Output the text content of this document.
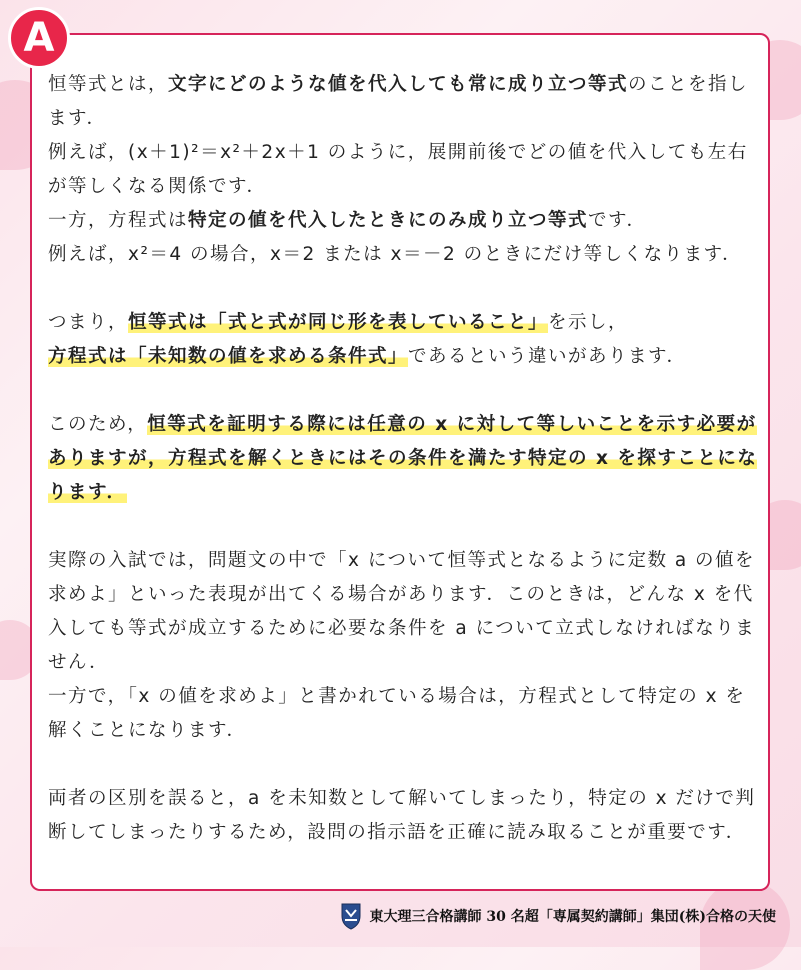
A

恒等式とは，文字にどのような値を代入しても常に成り立つ等式のことを指します．

例えば，(x＋1)²＝x²＋2x＋1 のように，展開前後でどの値を代入しても左右が等しくなる関係です．

一方，方程式は特定の値を代入したときにのみ成り立つ等式です．

例えば，x²＝4 の場合，x＝2 または x＝－2 のときにだけ等しくなります．

つまり，恒等式は「式と式が同じ形を表していること」を示し，

方程式は「未知数の値を求める条件式」であるという違いがあります．

このため，恒等式を証明する際には任意の x に対して等しいことを示す必要がありますが，方程式を解くときにはその条件を満たす特定の x を探すことになります．

実際の入試では，問題文の中で「x について恒等式となるように定数 a の値を求めよ」といった表現が出てくる場合があります．このときは，どんな x を代入しても等式が成立するために必要な条件を a について立式しなければなりません．

一方で，「x の値を求めよ」と書かれている場合は，方程式として特定の x を解くことになります．

両者の区別を誤ると，a を未知数として解いてしまったり，特定の x だけで判断してしまったりするため，設問の指示語を正確に読み取ることが重要です．

東大理三合格講師 30 名超「専属契約講師」集団(株)合格の天使
